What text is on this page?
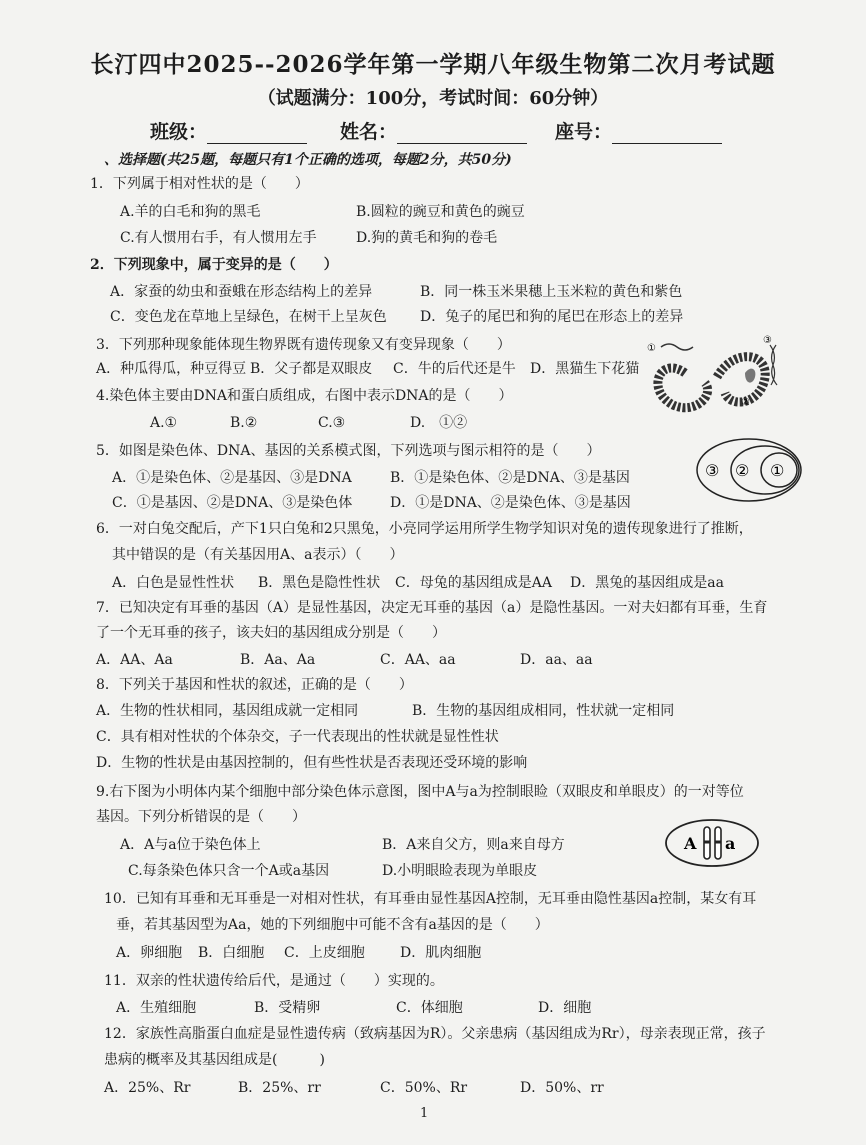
长汀四中2025--2026学年第一学期八年级生物第二次月考试题
（试题满分：100分，考试时间：60分钟）
班级：	姓名：	座号：
、选择题(共25题，每题只有1个正确的选项，每题2分，共50分)
1．下列属于相对性状的是（　　）
A.羊的白毛和狗的黑毛	B.圆粒的豌豆和黄色的豌豆
C.有人惯用右手，有人惯用左手	D.狗的黄毛和狗的卷毛
2．下列现象中，属于变异的是（　　）
A．家蚕的幼虫和蚕蛾在形态结构上的差异	B．同一株玉米果穗上玉米粒的黄色和紫色
C．变色龙在草地上呈绿色，在树干上呈灰色 D．兔子的尾巴和狗的尾巴在形态上的差异
3．下列那种现象能体现生物界既有遗传现象又有变异现象（　　）
A．种瓜得瓜，种豆得豆 B．父子都是双眼皮 C．牛的后代还是牛 D．黑猫生下花猫
4.染色体主要由DNA和蛋白质组成，右图中表示DNA的是（　　）
A.①	B.②	C.③	D.　①②
①
②
③
5．如图是染色体、DNA、基因的关系模式图，下列选项与图示相符的是（　　）
A．①是染色体、②是基因、③是DNA	B．①是染色体、②是DNA、③是基因
C．①是基因、②是DNA、③是染色体	D．①是DNA、②是染色体、③是基因
③ ② ①
6．一对白兔交配后，产下1只白兔和2只黑兔，小亮同学运用所学生物学知识对兔的遗传现象进行了推断，
其中错误的是（有关基因用A、a表示）（　　）
A．白色是显性性状 B．黑色是隐性性状 C．母兔的基因组成是AA D．黑兔的基因组成是aa
7．已知决定有耳垂的基因（A）是显性基因，决定无耳垂的基因（a）是隐性基因。一对夫妇都有耳垂，生育
了一个无耳垂的孩子，该夫妇的基因组成分别是（　　）
A．AA、Aa	B．Aa、Aa	C．AA、aa	D．aa、aa
8．下列关于基因和性状的叙述，正确的是（　　）
A．生物的性状相同，基因组成就一定相同	B．生物的基因组成相同，性状就一定相同
C．具有相对性状的个体杂交，子一代表现出的性状就是显性性状
D．生物的性状是由基因控制的，但有些性状是否表现还受环境的影响
9.右下图为小明体内某个细胞中部分染色体示意图，图中A与a为控制眼睑（双眼皮和单眼皮）的一对等位
基因。下列分析错误的是（　　）
A．A与a位于染色体上	B．A来自父方，则a来自母方
C.每条染色体只含一个A或a基因	D.小明眼睑表现为单眼皮
A a
10．已知有耳垂和无耳垂是一对相对性状，有耳垂由显性基因A控制，无耳垂由隐性基因a控制，某女有耳
垂，若其基因型为Aa，她的下列细胞中可能不含有a基因的是（　　）
A．卵细胞 B．白细胞 C．上皮细胞	D．肌肉细胞
11．双亲的性状遗传给后代，是通过（　　）实现的。
A．生殖细胞	B．受精卵	C．体细胞	D．细胞
12．家族性高脂蛋白血症是显性遗传病（致病基因为R）。父亲患病（基因组成为Rr），母亲表现正常，孩子
患病的概率及其基因组成是(　　　)
A．25%、Rr	B．25%、rr	C．50%、Rr	D．50%、rr
1
